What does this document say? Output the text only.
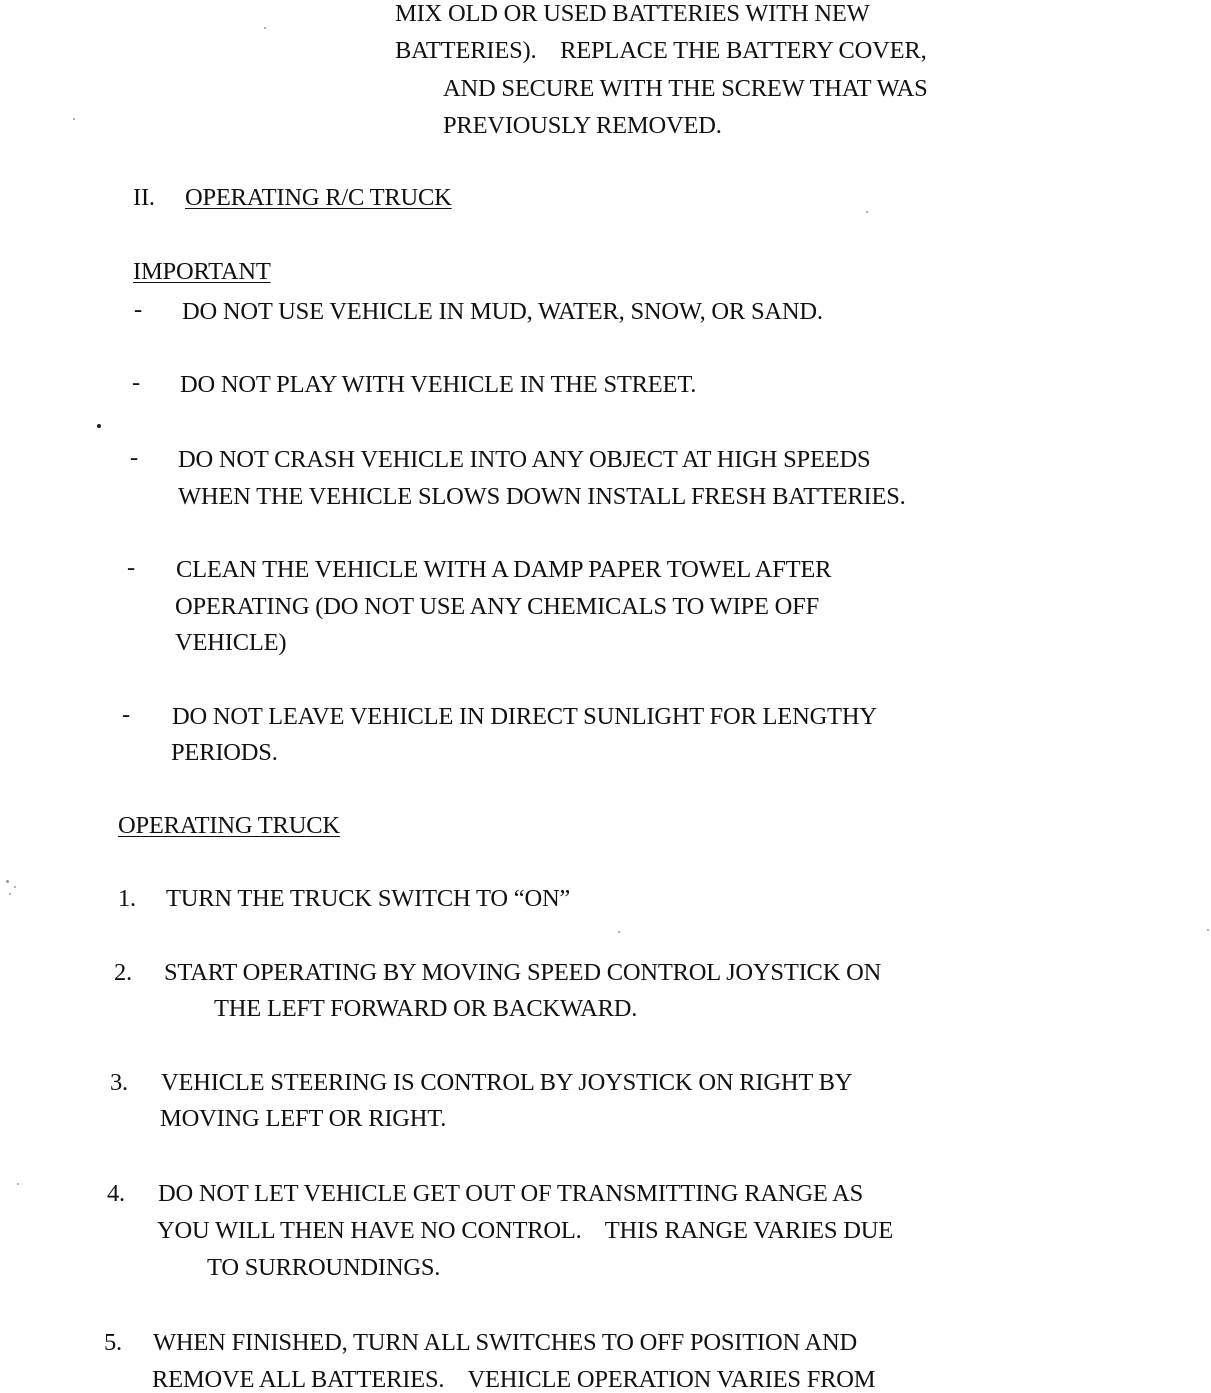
MIX OLD OR USED BATTERIES WITH NEW
BATTERIES).    REPLACE THE BATTERY COVER,
AND SECURE WITH THE SCREW THAT WAS
PREVIOUSLY REMOVED.
II. OPERATING R/C TRUCK
IMPORTANT
- DO NOT USE VEHICLE IN MUD, WATER, SNOW, OR SAND.
- DO NOT PLAY WITH VEHICLE IN THE STREET.
- DO NOT CRASH VEHICLE INTO ANY OBJECT AT HIGH SPEEDS
WHEN THE VEHICLE SLOWS DOWN INSTALL FRESH BATTERIES.
- CLEAN THE VEHICLE WITH A DAMP PAPER TOWEL AFTER
OPERATING (DO NOT USE ANY CHEMICALS TO WIPE OFF
VEHICLE)
- DO NOT LEAVE VEHICLE IN DIRECT SUNLIGHT FOR LENGTHY
PERIODS.
OPERATING TRUCK
1. TURN THE TRUCK SWITCH TO “ON”
2. START OPERATING BY MOVING SPEED CONTROL JOYSTICK ON
THE LEFT FORWARD OR BACKWARD.
3. VEHICLE STEERING IS CONTROL BY JOYSTICK ON RIGHT BY
MOVING LEFT OR RIGHT.
4. DO NOT LET VEHICLE GET OUT OF TRANSMITTING RANGE AS
YOU WILL THEN HAVE NO CONTROL.    THIS RANGE VARIES DUE
TO SURROUNDINGS.
5. WHEN FINISHED, TURN ALL SWITCHES TO OFF POSITION AND
REMOVE ALL BATTERIES.    VEHICLE OPERATION VARIES FROM
